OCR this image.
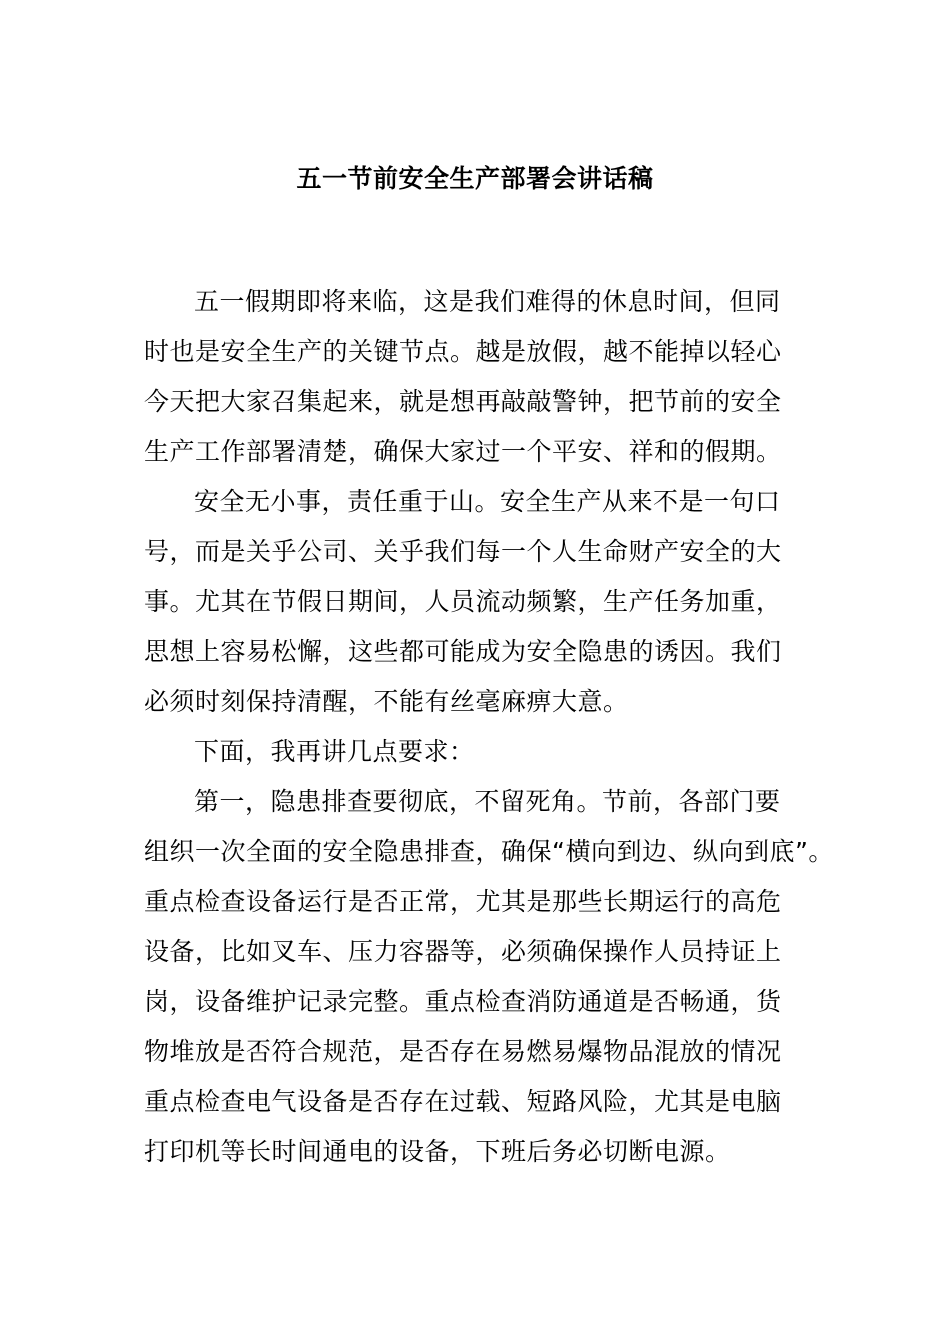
五一节前安全生产部署会讲话稿
五一假期即将来临，这是我们难得的休息时间，但同
时也是安全生产的关键节点。越是放假，越不能掉以轻心
今天把大家召集起来，就是想再敲敲警钟，把节前的安全
生产工作部署清楚，确保大家过一个平安、祥和的假期。
安全无小事，责任重于山。安全生产从来不是一句口
号，而是关乎公司、关乎我们每一个人生命财产安全的大
事。尤其在节假日期间，人员流动频繁，生产任务加重，
思想上容易松懈，这些都可能成为安全隐患的诱因。我们
必须时刻保持清醒，不能有丝毫麻痹大意。
下面，我再讲几点要求：
第一，隐患排查要彻底，不留死角。节前，各部门要
组织一次全面的安全隐患排查，确保“横向到边、纵向到底”。
重点检查设备运行是否正常，尤其是那些长期运行的高危
设备，比如叉车、压力容器等，必须确保操作人员持证上
岗，设备维护记录完整。重点检查消防通道是否畅通，货
物堆放是否符合规范，是否存在易燃易爆物品混放的情况
重点检查电气设备是否存在过载、短路风险，尤其是电脑
打印机等长时间通电的设备，下班后务必切断电源。
